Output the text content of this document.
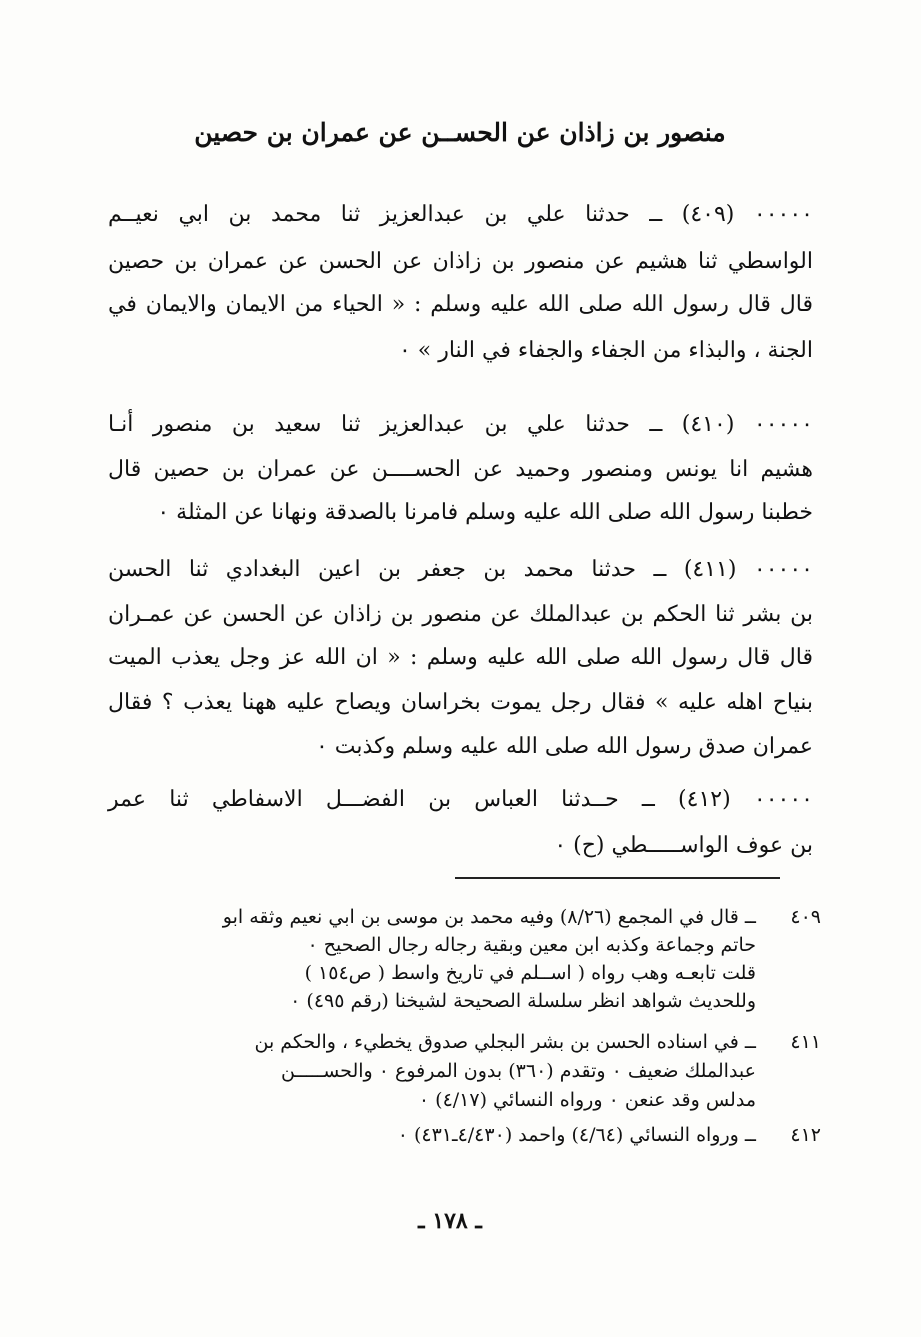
منصور بن زاذان عن الحســن عن عمران بن حصين
٠٠٠٠٠ (٤٠٩) ــ حدثنا علي بن عبدالعزيز ثنا محمد بن ابي نعيــم
الواسطي ثنا هشيم عن منصور بن زاذان عن الحسن عن عمران بن حصين
قال قال رسول الله صلى الله عليه وسلم : « الحياء من الايمان والايمان في
الجنة ، والبذاء من الجفاء والجفاء في النار » ٠
٠٠٠٠٠ (٤١٠) ــ حدثنا علي بن عبدالعزيز ثنا سعيد بن منصور أنـا
هشيم انا يونس ومنصور وحميد عن الحســــن عن عمران بن حصين قال
خطبنا رسول الله صلى الله عليه وسلم فامرنا بالصدقة ونهانا عن المثلة ٠
٠٠٠٠٠ (٤١١) ــ حدثنا محمد بن جعفر بن اعين البغدادي ثنا الحسن
بن بشر ثنا الحكم بن عبدالملك عن منصور بن زاذان عن الحسن عن عمـران
قال قال رسول الله صلى الله عليه وسلم : « ان الله عز وجل يعذب الميت
بنياح اهله عليه » فقال رجل يموت بخراسان ويصاح عليه ههنا يعذب ؟ فقال
عمران صدق رسول الله صلى الله عليه وسلم وكذبت ٠
٠٠٠٠٠ (٤١٢) ــ حــدثنا العباس بن الفضـــل الاسفاطي ثنا عمر
بن عوف الواســـــطي (ح) ٠
٤٠٩
ــ قال في المجمع (٨/٢٦) وفيه محمد بن موسى بن ابي نعيم وثقه ابو
حاتم وجماعة وكذبه ابن معين وبقية رجاله رجال الصحيح ٠
قلت تابعـه وهب رواه ( اســلم في تاريخ واسط ( ص١٥٤ )
وللحديث شواهد انظر سلسلة الصحيحة لشيخنا (رقم ٤٩٥) ٠
٤١١
ــ في اسناده الحسن بن بشر البجلي صدوق يخطيء ، والحكم بن
عبدالملك ضعيف ٠ وتقدم (٣٦٠) بدون المرفوع ٠ والحســـــن
مدلس وقد عنعن ٠ ورواه النسائي (٤/١٧) ٠
٤١٢
ــ ورواه النسائي (٤/٦٤) واحمد (٤/٤٣٠ـ٤٣١) ٠
ـ ١٧٨ ـ
